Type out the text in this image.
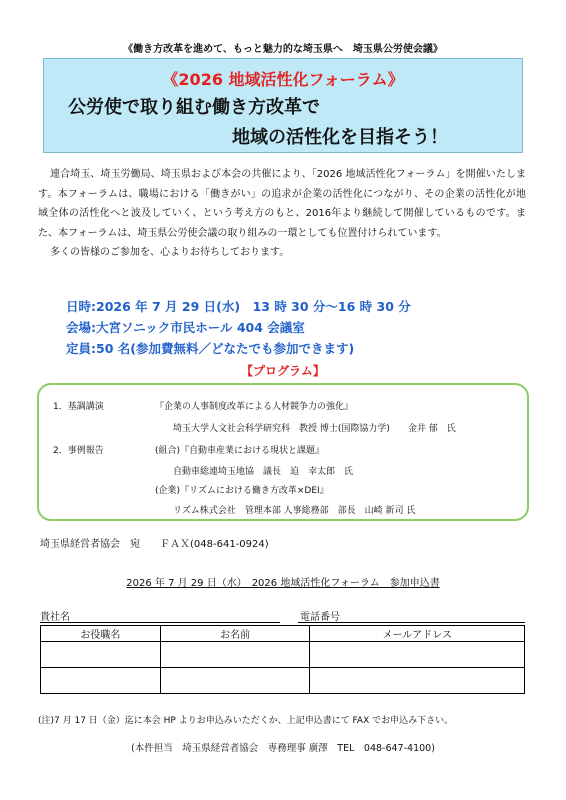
《働き方改革を進めて、もっと魅力的な埼玉県へ　埼玉県公労使会議》
《2026 地域活性化フォーラム》
公労使で取り組む働き方改革で
地域の活性化を目指そう！

連合埼玉、埼玉労働局、埼玉県および本会の共催により、「2026 地域活性化フォーラム」を開催いたします。本フォーラムは、職場における「働きがい」の追求が企業の活性化につながり、その企業の活性化が地域全体の活性化へと波及していく、という考え方のもと、2016年より継続して開催しているものです。また、本フォーラムは、埼玉県公労使会議の取り組みの一環としても位置付けられています。

多くの皆様のご参加を、心よりお待ちしております。

日時:2026 年 7 月 29 日(水)　13 時 30 分〜16 時 30 分
会場:大宮ソニック市民ホール 404 会議室
定員:50 名(参加費無料／どなたでも参加できます)
【プログラム】
1．基調講演	『企業の人事制度改革による人材競争力の強化』
埼玉大学人文社会科学研究科　教授 博士(国際協力学)　　金井 郁　氏
2．事例報告	(組合)『自動車産業における現状と課題』
自動車総連埼玉地協　議長　迫　幸太郎　氏
(企業)『リズムにおける働き方改革×DEI』
リズム株式会社　管理本部 人事総務部　部長　山崎 新司 氏
埼玉県経営者協会　宛　　ＦＡＸ(048-641-0924)
2026 年 7 月 29 日（水）　2026 地域活性化フォーラム　参加申込書
貴社名	電話番号
お役職名	お名前	メールアドレス

(注)7 月 17 日（金）迄に本会 HP よりお申込みいただくか、上記申込書にて FAX でお申込み下さい。
(本件担当　埼玉県経営者協会　専務理事 廣澤　TEL　048-647-4100)
